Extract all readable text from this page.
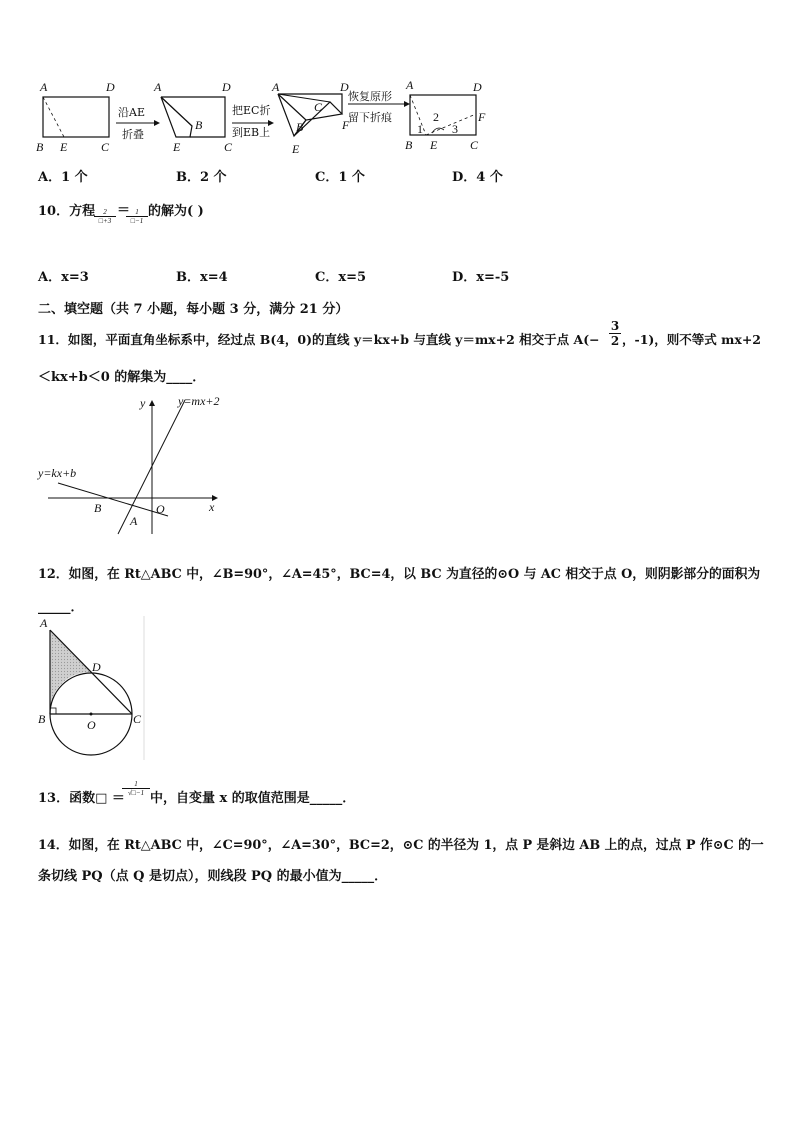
A	D
B E	C
沿AE
折叠
A	D
B
E	C
把EC折
到EB上
A	D
C
B
E
F
恢复原形
留下折痕
A	D
F
B E	C
1
2
3
A．1 个	B．2 个	C．1 个	D．4 个
10．方程
$\frac{2}{□+3}$ ＝
$\frac{1}{□-1}$ 的解为( )
A．x=3	B．x=4	C．x=5	D．x=-5
二、填空题（共 7 小题，每小题 3 分，满分 21 分）
11．如图，平面直角坐标系中，经过点 B(4，0)的直线 y＝kx+b 与直线 y＝mx+2 相交于点 $A(- \frac{3}{2}$ ，-1)，则不等式 mx+2
＜kx+b＜0 的解集为____．
y
x
y=mx+2
y=kx+b
B	O
A
12．如图，在 Rt△ABC 中，∠B=90°，∠A=45°，BC=4，以 BC 为直径的⊙O 与 AC 相交于点 O，则阴影部分的面积为
_____．
A
D
B	O	C
13．函数□ ＝
$\frac{1}{√□-1}$
中，自变量 x 的取值范围是_____．
14．如图，在 Rt△ABC 中，∠C=90°，∠A=30°，BC=2，⊙C 的半径为 1，点 P 是斜边 AB 上的点，过点 P 作⊙C 的一
条切线 PQ（点 Q 是切点），则线段 PQ 的最小值为_____．
